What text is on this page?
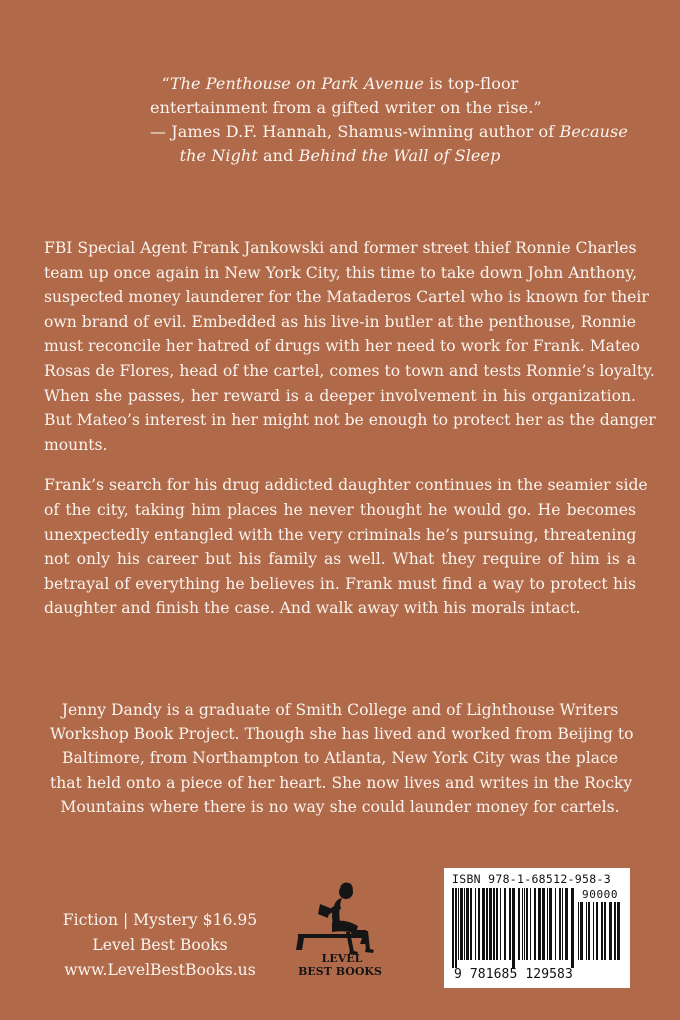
“The Penthouse on Park Avenue is top-floor
entertainment from a gifted writer on the rise.”
— James D.F. Hannah, Shamus-winning author of Because
the Night and Behind the Wall of Sleep
FBI Special Agent Frank Jankowski and former street thief Ronnie Charles
team up once again in New York City, this time to take down John Anthony,
suspected money launderer for the Mataderos Cartel who is known for their
own brand of evil. Embedded as his live-in butler at the penthouse, Ronnie
must reconcile her hatred of drugs with her need to work for Frank. Mateo
Rosas de Flores, head of the cartel, comes to town and tests Ronnie’s loyalty.
When she passes, her reward is a deeper involvement in his organization.
But Mateo’s interest in her might not be enough to protect her as the danger
mounts.
Frank’s search for his drug addicted daughter continues in the seamier side
of the city, taking him places he never thought he would go. He becomes
unexpectedly entangled with the very criminals he’s pursuing, threatening
not only his career but his family as well. What they require of him is a
betrayal of everything he believes in. Frank must find a way to protect his
daughter and finish the case. And walk away with his morals intact.
Jenny Dandy is a graduate of Smith College and of Lighthouse Writers
Workshop Book Project. Though she has lived and worked from Beijing to
Baltimore, from Northampton to Atlanta, New York City was the place
that held onto a piece of her heart. She now lives and writes in the Rocky
Mountains where there is no way she could launder money for cartels.
Fiction | Mystery $16.95
Level Best Books
www.LevelBestBooks.us
LEVEL
BEST BOOKS
ISBN 978-1-68512-958-3
90000
9 781685 129583
